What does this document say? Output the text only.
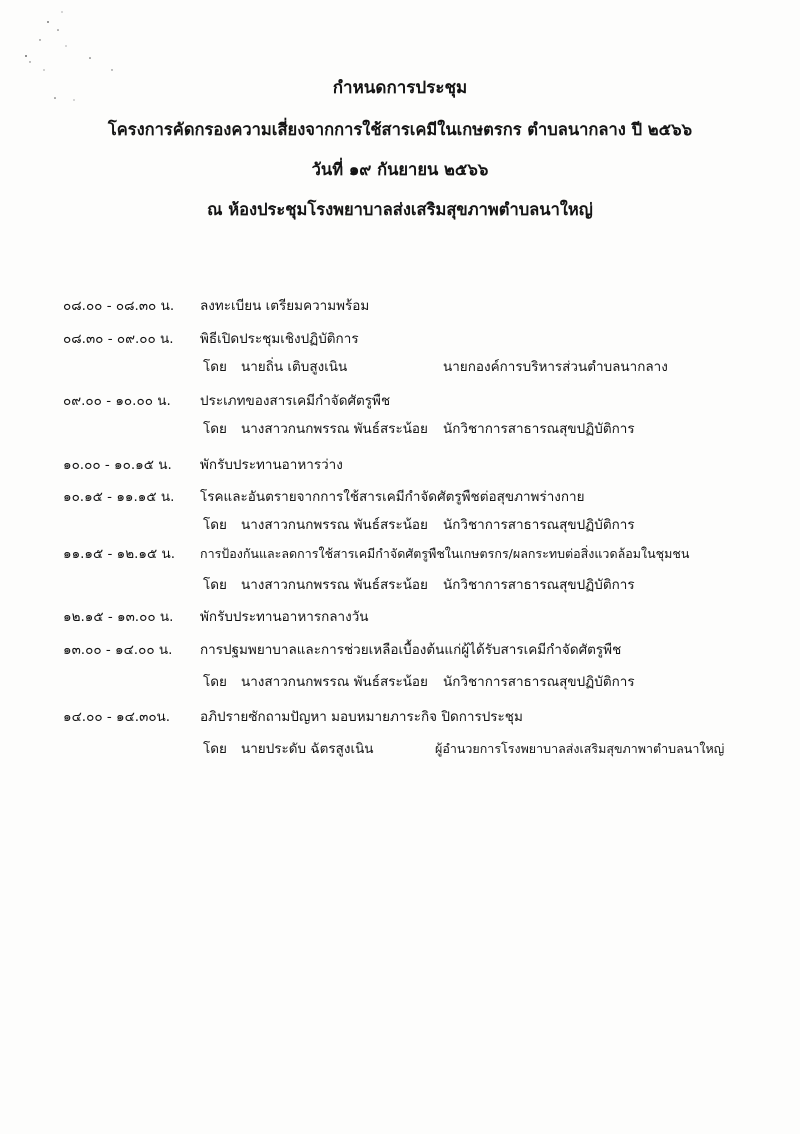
กำหนดการประชุม
โครงการคัดกรองความเสี่ยงจากการใช้สารเคมีในเกษตรกร ตำบลนากลาง ปี ๒๕๖๖
วันที่ ๑๙ กันยายน ๒๕๖๖
ณ ห้องประชุมโรงพยาบาลส่งเสริมสุขภาพตำบลนาใหญ่
๐๘.๐๐ - ๐๘.๓๐ น. ลงทะเบียน เตรียมความพร้อม
๐๘.๓๐ - ๐๙.๐๐ น. พิธีเปิดประชุมเชิงปฏิบัติการ
โดย นายถิ่น เติบสูงเนิน	นายกองค์การบริหารส่วนตำบลนากลาง
๐๙.๐๐ - ๑๐.๐๐ น. ประเภทของสารเคมีกำจัดศัตรูพืช
โดย นางสาวกนกพรรณ พันธ์สระน้อย นักวิชาการสาธารณสุขปฏิบัติการ
๑๐.๐๐ - ๑๐.๑๕ น. พักรับประทานอาหารว่าง
๑๐.๑๕ - ๑๑.๑๕ น. โรคและอันตรายจากการใช้สารเคมีกำจัดศัตรูพืชต่อสุขภาพร่างกาย
โดย นางสาวกนกพรรณ พันธ์สระน้อย นักวิชาการสาธารณสุขปฏิบัติการ
๑๑.๑๕ - ๑๒.๑๕ น. การป้องกันและลดการใช้สารเคมีกำจัดศัตรูพืชในเกษตรกร/ผลกระทบต่อสิ่งแวดล้อมในชุมชน
โดย นางสาวกนกพรรณ พันธ์สระน้อย นักวิชาการสาธารณสุขปฏิบัติการ
๑๒.๑๕ - ๑๓.๐๐ น. พักรับประทานอาหารกลางวัน
๑๓.๐๐ - ๑๔.๐๐ น. การปฐมพยาบาลและการช่วยเหลือเบื้องต้นแก่ผู้ได้รับสารเคมีกำจัดศัตรูพืช
โดย นางสาวกนกพรรณ พันธ์สระน้อย นักวิชาการสาธารณสุขปฏิบัติการ
๑๔.๐๐ - ๑๔.๓๐น. อภิปรายซักถามปัญหา มอบหมายภาระกิจ ปิดการประชุม
โดย นายประดับ ฉัตรสูงเนิน	ผู้อำนวยการโรงพยาบาลส่งเสริมสุขภาพาตำบลนาใหญ่
